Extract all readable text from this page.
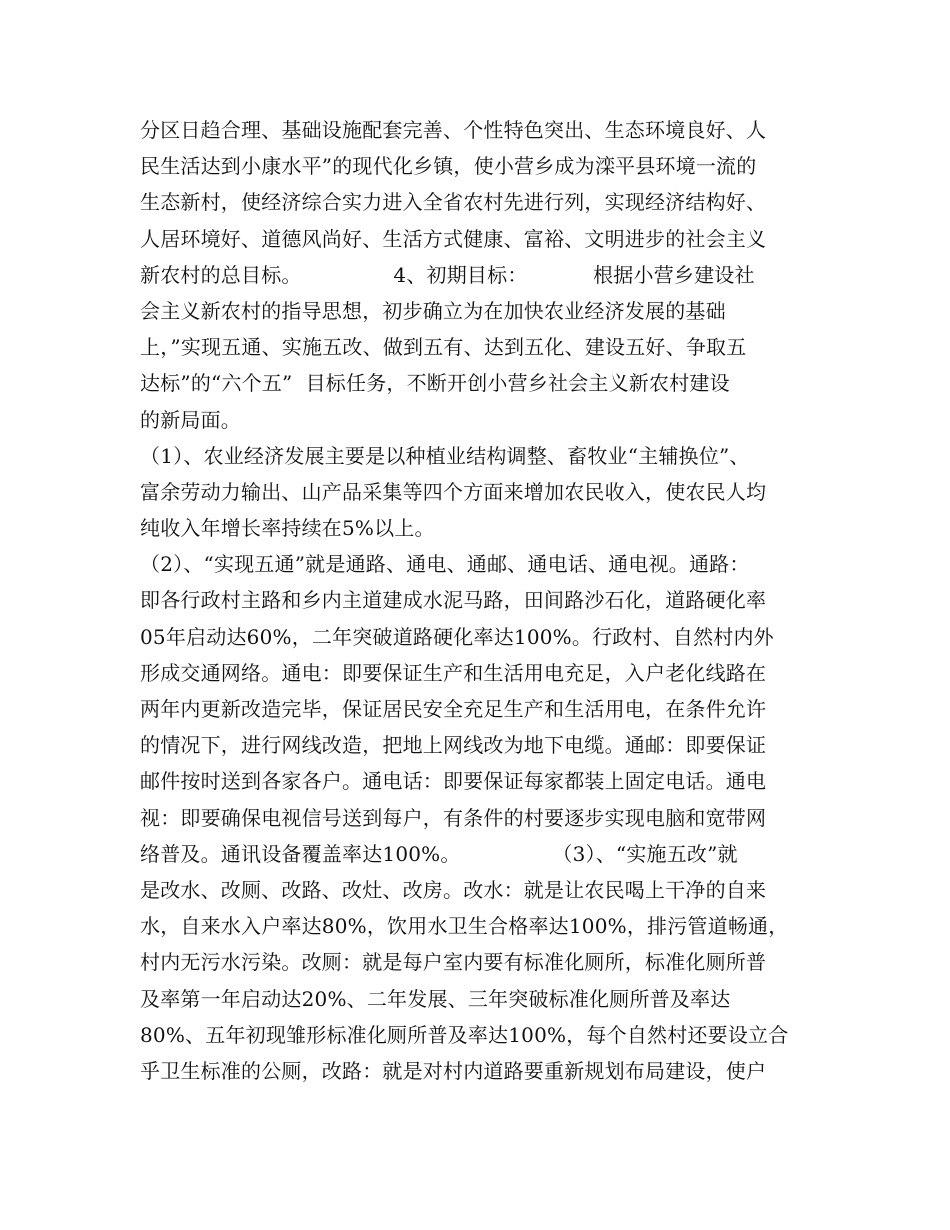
分区日趋合理、基础设施配套完善、个性特色突出、生态环境良好、人
民生活达到小康水平”的现代化乡镇，使小营乡成为滦平县环境一流的
生态新村，使经济综合实力进入全省农村先进行列，实现经济结构好、
人居环境好、道德风尚好、生活方式健康、富裕、文明进步的社会主义
新农村的总目标。              4、初期目标：          根据小营乡建设社
会主义新农村的指导思想，初步确立为在加快农业经济发展的基础
上，”实现五通、实施五改、做到五有、达到五化、建设五好、争取五
达标”的“六个五”  目标任务，不断开创小营乡社会主义新农村建设
的新局面。
（1）、农业经济发展主要是以种植业结构调整、畜牧业“主辅换位”、
富余劳动力输出、山产品采集等四个方面来增加农民收入，使农民人均
纯收入年增长率持续在5%以上。
（2）、“实现五通”就是通路、通电、通邮、通电话、通电视。通路：
即各行政村主路和乡内主道建成水泥马路，田间路沙石化，道路硬化率
05年启动达60%，二年突破道路硬化率达100%。行政村、自然村内外
形成交通网络。通电：即要保证生产和生活用电充足，入户老化线路在
两年内更新改造完毕，保证居民安全充足生产和生活用电，在条件允许
的情况下，进行网线改造，把地上网线改为地下电缆。通邮：即要保证
邮件按时送到各家各户。通电话：即要保证每家都装上固定电话。通电
视：即要确保电视信号送到每户，有条件的村要逐步实现电脑和宽带网
络普及。通讯设备覆盖率达100%。              （3）、“实施五改”就
是改水、改厕、改路、改灶、改房。改水：就是让农民喝上干净的自来
水，自来水入户率达80%，饮用水卫生合格率达100%，排污管道畅通，
村内无污水污染。改厕：就是每户室内要有标准化厕所，标准化厕所普
及率第一年启动达20%、二年发展、三年突破标准化厕所普及率达
80%、五年初现雏形标准化厕所普及率达100%，每个自然村还要设立合
乎卫生标准的公厕，改路：就是对村内道路要重新规划布局建设，使户
